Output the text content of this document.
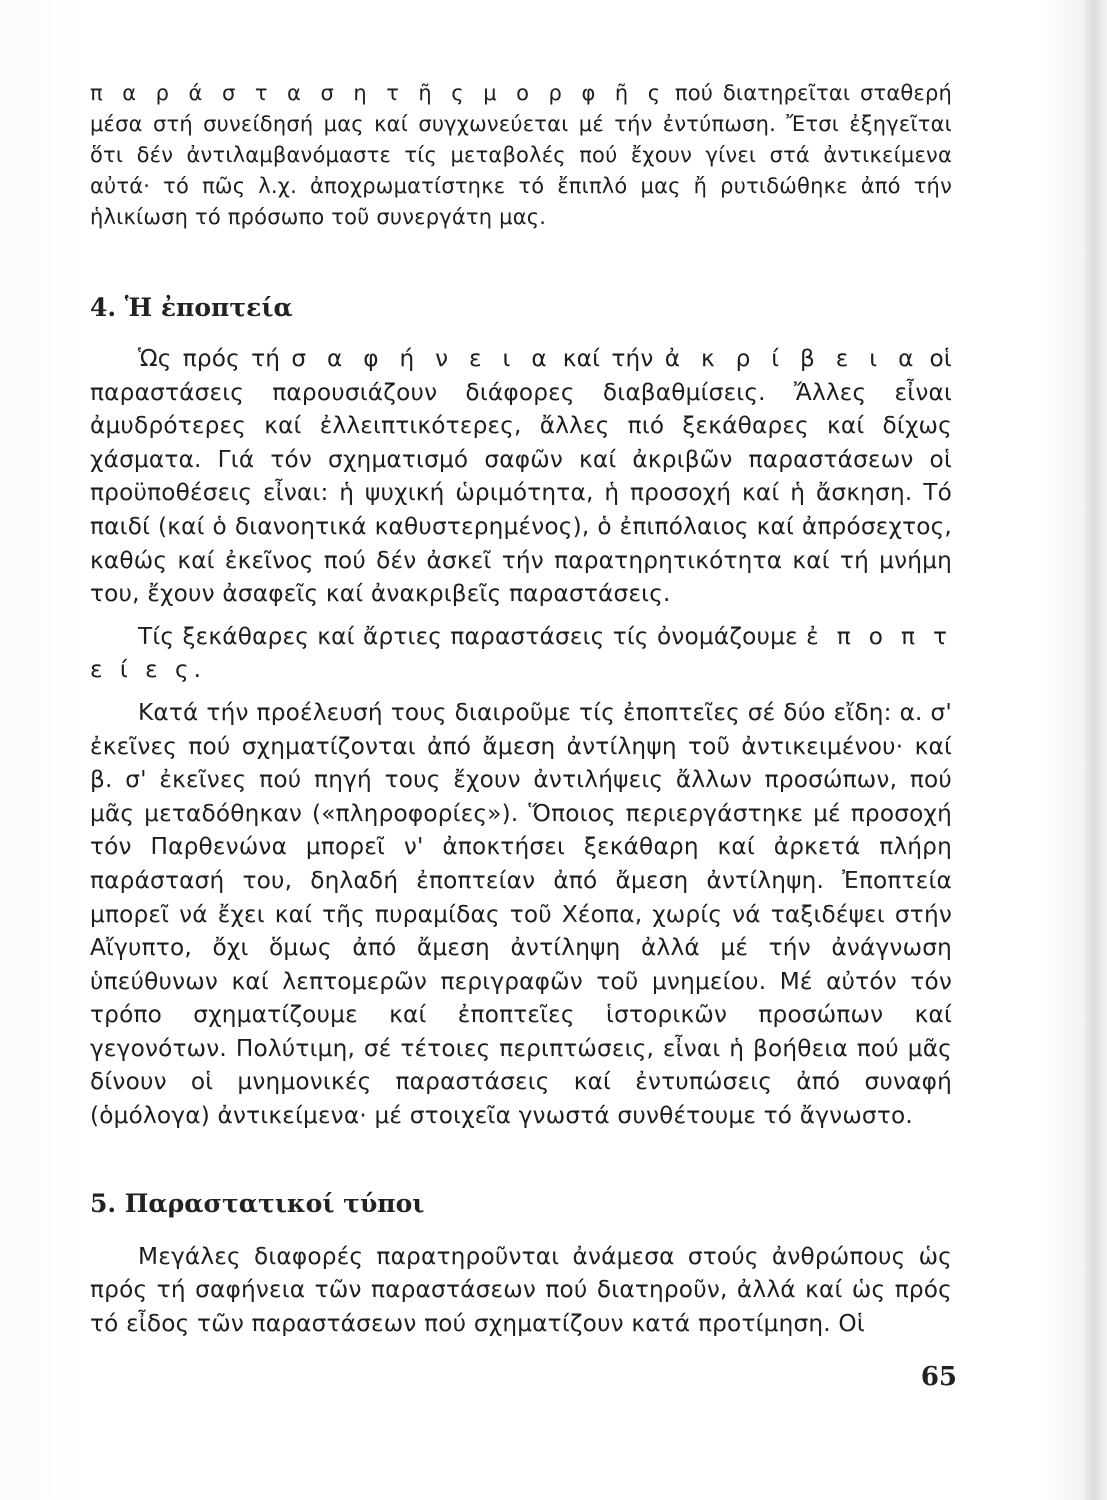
π α ρ ά σ τ α σ η τ ῆ ς μ ο ρ φ ῆ ς πού διατηρεῖται σταθερή μέσα στή συνείδησή μας καί συγχωνεύεται μέ τήν ἐντύπωση. Ἔτσι ἐξηγεῖται ὅτι δέν ἀντιλαμβανόμαστε τίς μεταβολές πού ἔχουν γίνει στά ἀντικείμενα αὐτά· τό πῶς λ.χ. ἀποχρωματίστηκε τό ἔπιπλό μας ἤ ρυτιδώθηκε ἀπό τήν ἡλικίωση τό πρόσωπο τοῦ συνεργάτη μας.

4. Ἡ ἐποπτεία

Ὡς πρός τή σ α φ ή ν ε ι α καί τήν ἀ κ ρ ί β ε ι α οἱ παραστάσεις παρουσιάζουν διάφορες διαβαθμίσεις. Ἄλλες εἶναι ἀμυδρότερες καί ἐλλειπτικότερες, ἄλλες πιό ξεκάθαρες καί δίχως χάσματα. Γιά τόν σχηματισμό σαφῶν καί ἀκριβῶν παραστάσεων οἱ προϋποθέσεις εἶναι: ἡ ψυχική ὡριμότητα, ἡ προσοχή καί ἡ ἄσκηση. Τό παιδί (καί ὁ διανοητικά καθυστερημένος), ὁ ἐπιπόλαιος καί ἀπρόσεχτος, καθώς καί ἐκεῖνος πού δέν ἀσκεῖ τήν παρατηρητικότητα καί τή μνήμη του, ἔχουν ἀσαφεῖς καί ἀνακριβεῖς παραστάσεις.

Τίς ξεκάθαρες καί ἄρτιες παραστάσεις τίς ὀνομάζουμε ἐ π ο π τ ε ί ε ς.

Κατά τήν προέλευσή τους διαιροῦμε τίς ἐποπτεῖες σέ δύο εἴδη: α. σ' ἐκεῖνες πού σχηματίζονται ἀπό ἄμεση ἀντίληψη τοῦ ἀντικειμένου· καί β. σ' ἐκεῖνες πού πηγή τους ἔχουν ἀντιλήψεις ἄλλων προσώπων, πού μᾶς μεταδόθηκαν («πληροφορίες»). Ὅποιος περιεργάστηκε μέ προσοχή τόν Παρθενώνα μπορεῖ ν' ἀποκτήσει ξεκάθαρη καί ἀρκετά πλήρη παράστασή του, δηλαδή ἐποπτείαν ἀπό ἄμεση ἀντίληψη. Ἐποπτεία μπορεῖ νά ἔχει καί τῆς πυραμίδας τοῦ Χέοπα, χωρίς νά ταξιδέψει στήν Αἴγυπτο, ὄχι ὅμως ἀπό ἄμεση ἀντίληψη ἀλλά μέ τήν ἀνάγνωση ὑπεύθυνων καί λεπτομερῶν περιγραφῶν τοῦ μνημείου. Μέ αὐτόν τόν τρόπο σχηματίζουμε καί ἐποπτεῖες ἱστορικῶν προσώπων καί γεγονότων. Πολύτιμη, σέ τέτοιες περιπτώσεις, εἶναι ἡ βοήθεια πού μᾶς δίνουν οἱ μνημονικές παραστάσεις καί ἐντυπώσεις ἀπό συναφή (ὁμόλογα) ἀντικείμενα· μέ στοιχεῖα γνωστά συνθέτουμε τό ἄγνωστο.

5. Παραστατικοί τύποι

Μεγάλες διαφορές παρατηροῦνται ἀνάμεσα στούς ἀνθρώπους ὡς πρός τή σαφήνεια τῶν παραστάσεων πού διατηροῦν, ἀλλά καί ὡς πρός τό εἶδος τῶν παραστάσεων πού σχηματίζουν κατά προτίμηση. Οἱ

65
